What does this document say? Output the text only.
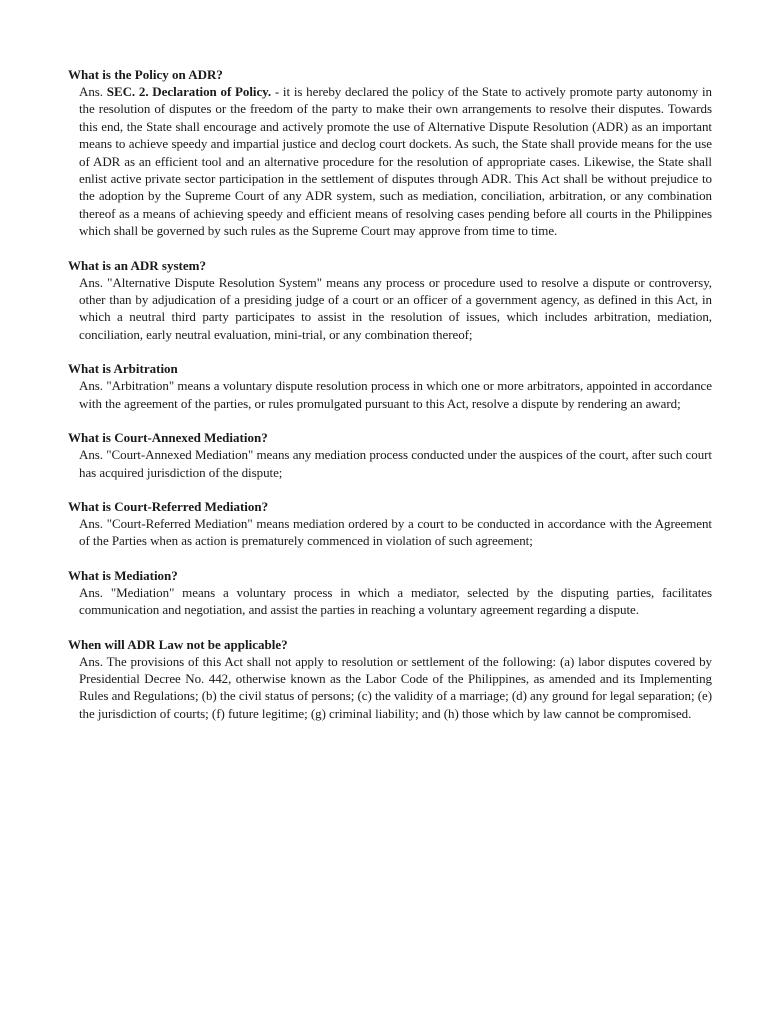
What is the Policy on ADR?

Ans. SEC. 2. Declaration of Policy. - it is hereby declared the policy of the State to actively promote party autonomy in the resolution of disputes or the freedom of the party to make their own arrangements to resolve their disputes. Towards this end, the State shall encourage and actively promote the use of Alternative Dispute Resolution (ADR) as an important means to achieve speedy and impartial justice and declog court dockets. As such, the State shall provide means for the use of ADR as an efficient tool and an alternative procedure for the resolution of appropriate cases. Likewise, the State shall enlist active private sector participation in the settlement of disputes through ADR. This Act shall be without prejudice to the adoption by the Supreme Court of any ADR system, such as mediation, conciliation, arbitration, or any combination thereof as a means of achieving speedy and efficient means of resolving cases pending before all courts in the Philippines which shall be governed by such rules as the Supreme Court may approve from time to time.

What is an ADR system?

Ans. "Alternative Dispute Resolution System" means any process or procedure used to resolve a dispute or controversy, other than by adjudication of a presiding judge of a court or an officer of a government agency, as defined in this Act, in which a neutral third party participates to assist in the resolution of issues, which includes arbitration, mediation, conciliation, early neutral evaluation, mini-trial, or any combination thereof;

What is Arbitration

Ans. "Arbitration" means a voluntary dispute resolution process in which one or more arbitrators, appointed in accordance with the agreement of the parties, or rules promulgated pursuant to this Act, resolve a dispute by rendering an award;

What is Court-Annexed Mediation?

Ans. "Court-Annexed Mediation" means any mediation process conducted under the auspices of the court, after such court has acquired jurisdiction of the dispute;

What is Court-Referred Mediation?

Ans. "Court-Referred Mediation" means mediation ordered by a court to be conducted in accordance with the Agreement of the Parties when as action is prematurely commenced in violation of such agreement;

What is Mediation?

Ans. "Mediation" means a voluntary process in which a mediator, selected by the disputing parties, facilitates communication and negotiation, and assist the parties in reaching a voluntary agreement regarding a dispute.

When will ADR Law not be applicable?

Ans. The provisions of this Act shall not apply to resolution or settlement of the following: (a) labor disputes covered by Presidential Decree No. 442, otherwise known as the Labor Code of the Philippines, as amended and its Implementing Rules and Regulations; (b) the civil status of persons; (c) the validity of a marriage; (d) any ground for legal separation; (e) the jurisdiction of courts; (f) future legitime; (g) criminal liability; and (h) those which by law cannot be compromised.
